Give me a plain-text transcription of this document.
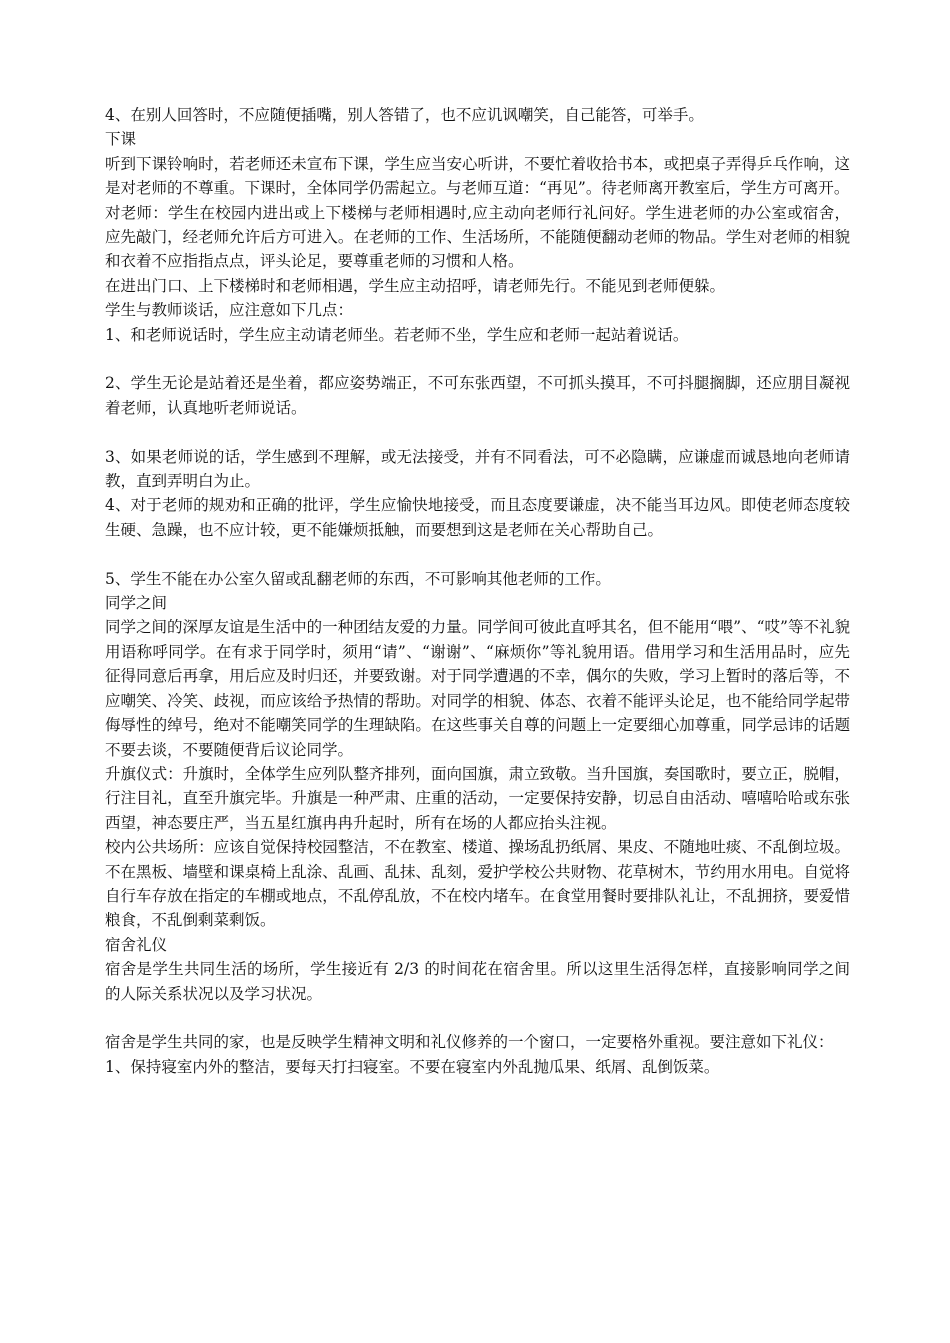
4、在别人回答时，不应随便插嘴，别人答错了，也不应讥讽嘲笑，自己能答，可举手。

下课

听到下课铃响时，若老师还未宣布下课，学生应当安心听讲，不要忙着收拾书本，或把桌子弄得乒乓作响，这是对老师的不尊重。下课时，全体同学仍需起立。与老师互道：“再见”。待老师离开教室后，学生方可离开。

对老师：学生在校园内进出或上下楼梯与老师相遇时,应主动向老师行礼问好。学生进老师的办公室或宿舍，应先敲门，经老师允许后方可进入。在老师的工作、生活场所，不能随便翻动老师的物品。学生对老师的相貌和衣着不应指指点点，评头论足，要尊重老师的习惯和人格。

在进出门口、上下楼梯时和老师相遇，学生应主动招呼，请老师先行。不能见到老师便躲。

学生与教师谈话，应注意如下几点：

1、和老师说话时，学生应主动请老师坐。若老师不坐，学生应和老师一起站着说话。

2、学生无论是站着还是坐着，都应姿势端正，不可东张西望，不可抓头摸耳，不可抖腿搁脚，还应朋目凝视着老师，认真地听老师说话。

3、如果老师说的话，学生感到不理解，或无法接受，并有不同看法，可不必隐瞒，应谦虚而诚恳地向老师请教，直到弄明白为止。

4、对于老师的规劝和正确的批评，学生应愉快地接受，而且态度要谦虚，决不能当耳边风。即使老师态度较生硬、急躁，也不应计较，更不能嫌烦抵触，而要想到这是老师在关心帮助自己。

5、学生不能在办公室久留或乱翻老师的东西，不可影响其他老师的工作。

同学之间

同学之间的深厚友谊是生活中的一种团结友爱的力量。同学间可彼此直呼其名，但不能用“喂”、“哎”等不礼貌用语称呼同学。在有求于同学时，须用“请”、“谢谢”、“麻烦你”等礼貌用语。借用学习和生活用品时，应先征得同意后再拿，用后应及时归还，并要致谢。对于同学遭遇的不幸，偶尔的失败，学习上暂时的落后等，不应嘲笑、冷笑、歧视，而应该给予热情的帮助。对同学的相貌、体态、衣着不能评头论足，也不能给同学起带侮辱性的绰号，绝对不能嘲笑同学的生理缺陷。在这些事关自尊的问题上一定要细心加尊重，同学忌讳的话题不要去谈，不要随便背后议论同学。

升旗仪式：升旗时，全体学生应列队整齐排列，面向国旗，肃立致敬。当升国旗，奏国歌时，要立正，脱帽，行注目礼，直至升旗完毕。升旗是一种严肃、庄重的活动，一定要保持安静，切忌自由活动、嘻嘻哈哈或东张西望，神态要庄严，当五星红旗冉冉升起时，所有在场的人都应抬头注视。

校内公共场所：应该自觉保持校园整洁，不在教室、楼道、操场乱扔纸屑、果皮、不随地吐痰、不乱倒垃圾。不在黑板、墙壁和课桌椅上乱涂、乱画、乱抹、乱刻，爱护学校公共财物、花草树木，节约用水用电。自觉将自行车存放在指定的车棚或地点，不乱停乱放，不在校内堵车。在食堂用餐时要排队礼让，不乱拥挤，要爱惜粮食，不乱倒剩菜剩饭。

宿舍礼仪

宿舍是学生共同生活的场所，学生接近有 2/3 的时间花在宿舍里。所以这里生活得怎样，直接影响同学之间的人际关系状况以及学习状况。

宿舍是学生共同的家，也是反映学生精神文明和礼仪修养的一个窗口，一定要格外重视。要注意如下礼仪：

1、保持寝室内外的整洁，要每天打扫寝室。不要在寝室内外乱抛瓜果、纸屑、乱倒饭菜。
